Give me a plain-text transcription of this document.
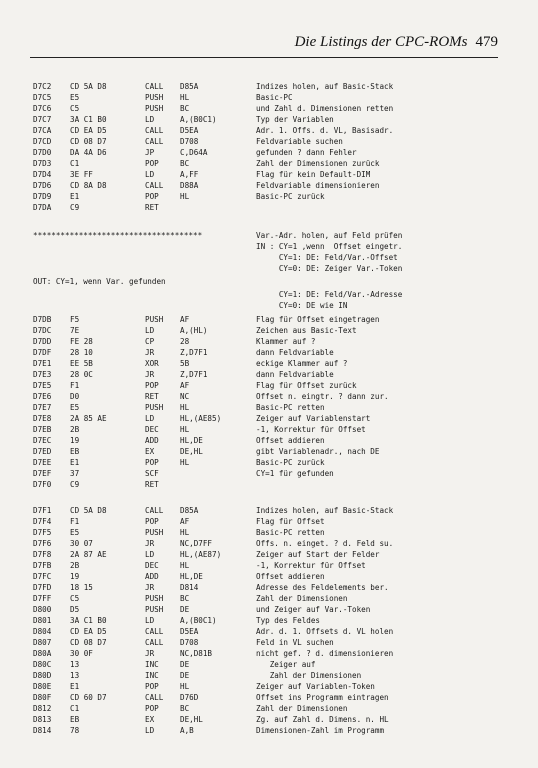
Die Listings der CPC-ROMs 479
D7C2 CD 5A D8	CALL D85A	Indizes holen, auf Basic-Stack
D7C5 E5	PUSH HL	Basic-PC
D7C6 C5	PUSH BC	und Zahl d. Dimensionen retten
D7C7 3A C1 B0	LD	A,(B0C1)	Typ der Variablen
D7CA CD EA D5	CALL D5EA	Adr. 1. Offs. d. VL, Basisadr.
D7CD CD 08 D7	CALL D708	Feldvariable suchen
D7D0 DA 4A D6	JP	C,D64A	gefunden ? dann Fehler
D7D3 C1	POP	BC	Zahl der Dimensionen zurück
D7D4 3E FF	LD	A,FF	Flag für kein Default-DIM
D7D6 CD 8A D8	CALL D88A	Feldvariable dimensionieren
D7D9 E1	POP	HL	Basic-PC zurück
D7DA C9	RET
*************************************	Var.-Adr. holen, auf Feld prüfen
IN : CY=1 ,wenn  Offset eingetr.
CY=1: DE: Feld/Var.-Offset
CY=0: DE: Zeiger Var.-Token
OUT: CY=1, wenn Var. gefunden
CY=1: DE: Feld/Var.-Adresse
CY=0: DE wie IN
D7DB F5	PUSH AF	Flag für Offset eingetragen
D7DC 7E	LD	A,(HL)	Zeichen aus Basic-Text
D7DD FE 28	CP	28	Klammer auf ?
D7DF 28 10	JR	Z,D7F1	dann Feldvariable
D7E1 EE 5B	XOR	5B	eckige Klammer auf ?
D7E3 28 0C	JR	Z,D7F1	dann Feldvariable
D7E5 F1	POP	AF	Flag für Offset zurück
D7E6 D0	RET	NC	Offset n. eingtr. ? dann zur.
D7E7 E5	PUSH HL	Basic-PC retten
D7E8 2A 85 AE	LD	HL,(AE85)	Zeiger auf Variablenstart
D7EB 2B	DEC	HL	-1, Korrektur für Offset
D7EC 19	ADD	HL,DE	Offset addieren
D7ED EB	EX	DE,HL	gibt Variablenadr., nach DE
D7EE E1	POP	HL	Basic-PC zurück
D7EF 37	SCF	CY=1 für gefunden
D7F0 C9	RET
D7F1 CD 5A D8	CALL D85A	Indizes holen, auf Basic-Stack
D7F4 F1	POP	AF	Flag für Offset
D7F5 E5	PUSH HL	Basic-PC retten
D7F6 30 07	JR	NC,D7FF	Offs. n. einget. ? d. Feld su.
D7F8 2A 87 AE	LD	HL,(AE87)	Zeiger auf Start der Felder
D7FB 2B	DEC	HL	-1, Korrektur für Offset
D7FC 19	ADD	HL,DE	Offset addieren
D7FD 18 15	JR	D814	Adresse des Feldelements ber.
D7FF C5	PUSH BC	Zahl der Dimensionen
D800 D5	PUSH DE	und Zeiger auf Var.-Token
D801 3A C1 B0	LD	A,(B0C1)	Typ des Feldes
D804 CD EA D5	CALL D5EA	Adr. d. 1. Offsets d. VL holen
D807 CD 08 D7	CALL D708	Feld in VL suchen
D80A 30 0F	JR	NC,D81B	nicht gef. ? d. dimensionieren
D80C 13	INC	DE	Zeiger auf
D80D 13	INC	DE	Zahl der Dimensionen
D80E E1	POP	HL	Zeiger auf Variablen-Token
D80F CD 60 D7	CALL D76D	Offset ins Programm eintragen
D812 C1	POP	BC	Zahl der Dimensionen
D813 EB	EX	DE,HL	Zg. auf Zahl d. Dimens. n. HL
D814 78	LD	A,B	Dimensionen-Zahl im Programm
